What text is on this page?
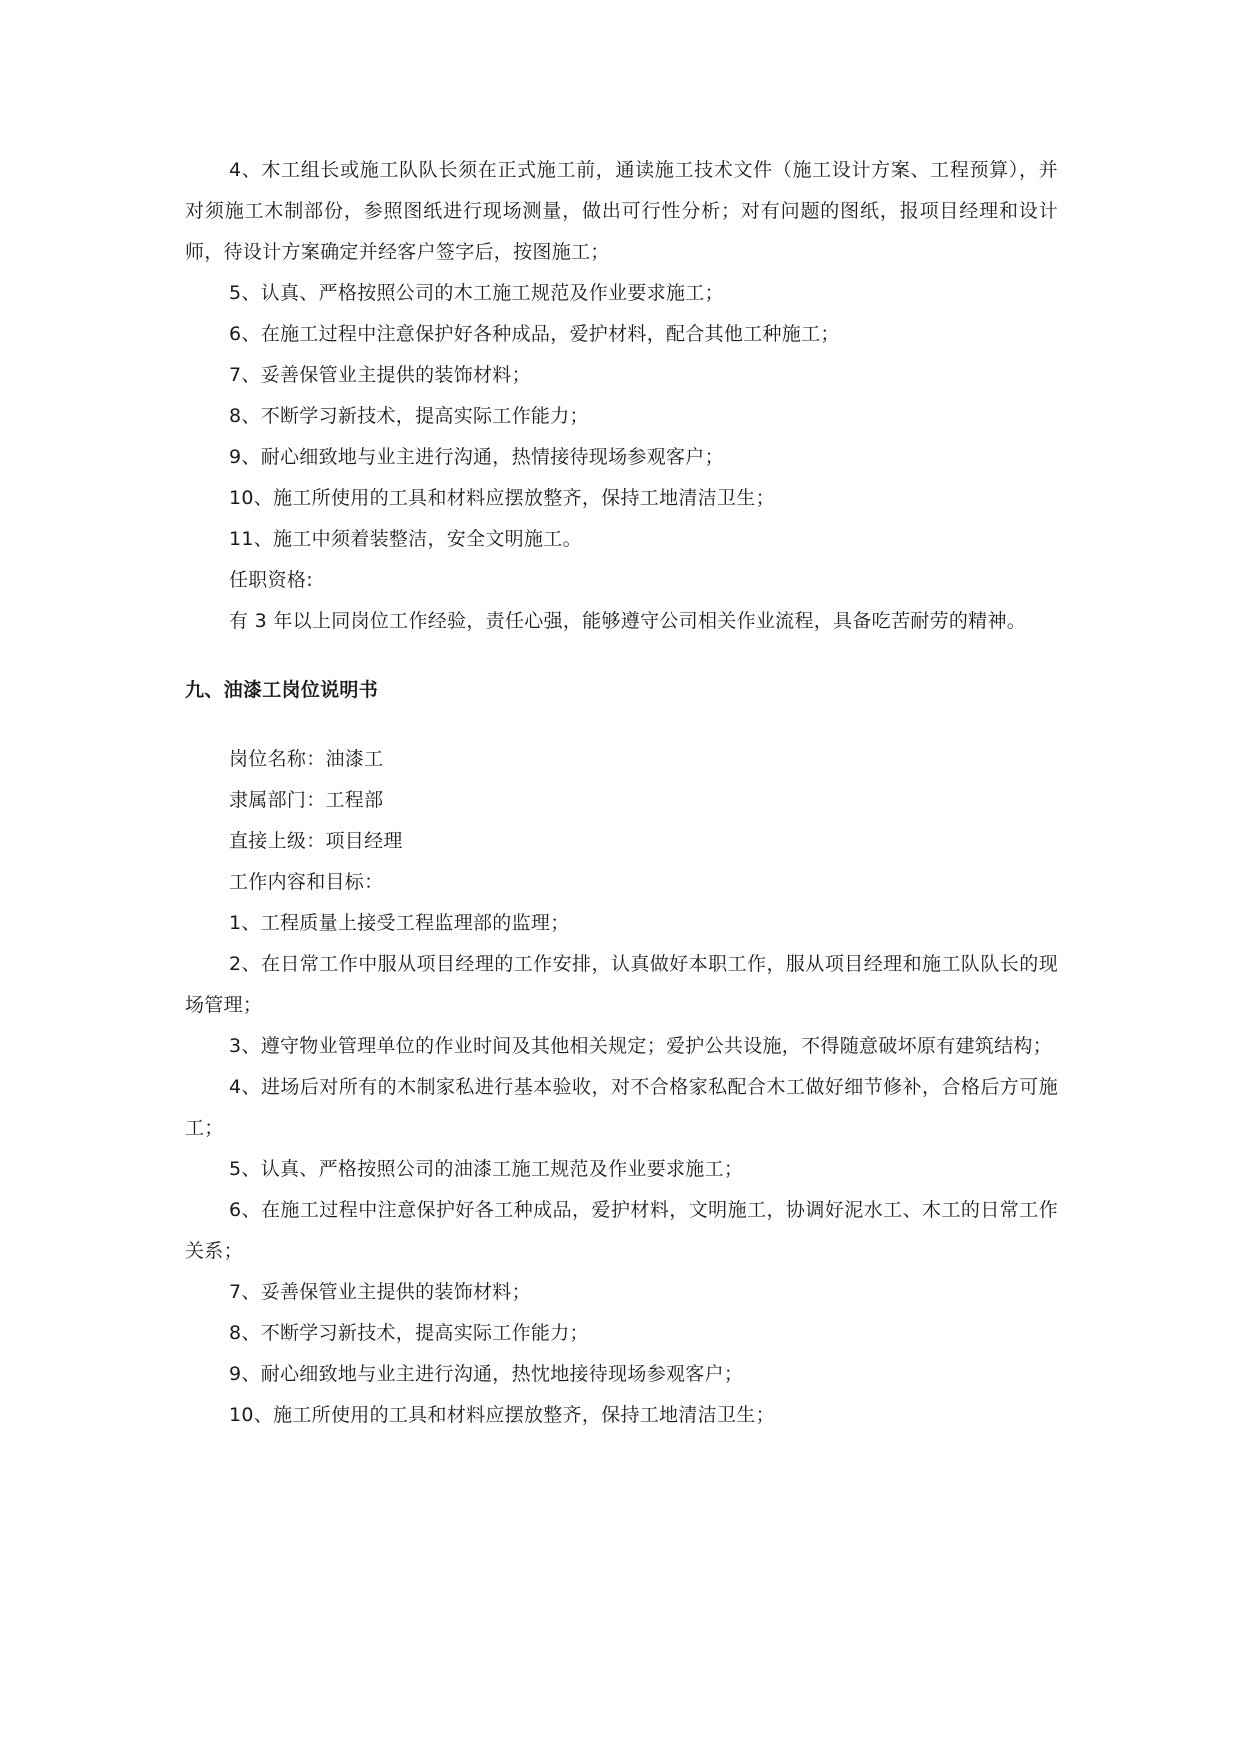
4、木工组长或施工队队长须在正式施工前，通读施工技术文件（施工设计方案、工程预算），并对须施工木制部份，参照图纸进行现场测量，做出可行性分析；对有问题的图纸，报项目经理和设计师，待设计方案确定并经客户签字后，按图施工；

5、认真、严格按照公司的木工施工规范及作业要求施工；

6、在施工过程中注意保护好各种成品，爱护材料，配合其他工种施工；

7、妥善保管业主提供的装饰材料；

8、不断学习新技术，提高实际工作能力；

9、耐心细致地与业主进行沟通，热情接待现场参观客户；

10、施工所使用的工具和材料应摆放整齐，保持工地清洁卫生；

11、施工中须着装整洁，安全文明施工。

任职资格:

有 3 年以上同岗位工作经验，责任心强，能够遵守公司相关作业流程，具备吃苦耐劳的精神。

九、油漆工岗位说明书

岗位名称：油漆工

隶属部门：工程部

直接上级：项目经理

工作内容和目标：

1、工程质量上接受工程监理部的监理；

2、在日常工作中服从项目经理的工作安排，认真做好本职工作，服从项目经理和施工队队长的现场管理；

3、遵守物业管理单位的作业时间及其他相关规定；爱护公共设施，不得随意破坏原有建筑结构；

4、进场后对所有的木制家私进行基本验收，对不合格家私配合木工做好细节修补，合格后方可施工；

5、认真、严格按照公司的油漆工施工规范及作业要求施工；

6、在施工过程中注意保护好各工种成品，爱护材料，文明施工，协调好泥水工、木工的日常工作关系；

7、妥善保管业主提供的装饰材料；

8、不断学习新技术，提高实际工作能力；

9、耐心细致地与业主进行沟通，热忱地接待现场参观客户；

10、施工所使用的工具和材料应摆放整齐，保持工地清洁卫生；
